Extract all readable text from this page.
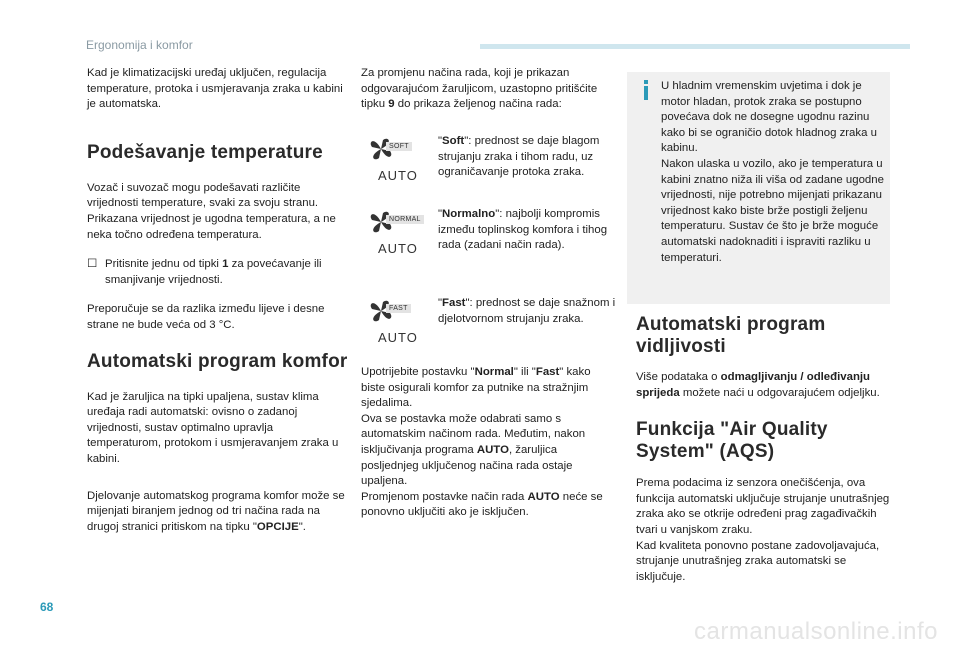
Ergonomija i komfor

Kad je klimatizacijski uređaj uključen, regulacija temperature, protoka i usmjeravanja zraka u kabini je automatska.

Podešavanje temperature

Vozač i suvozač mogu podešavati različite vrijednosti temperature, svaki za svoju stranu. Prikazana vrijednost je ugodna temperatura, a ne neka točno određena temperatura.

☐ Pritisnite jednu od tipki 1 za povećavanje ili smanjivanje vrijednosti.

Preporučuje se da razlika između lijeve i desne strane ne bude veća od 3 °C.

Automatski program komfor

Kad je žaruljica na tipki upaljena, sustav klima uređaja radi automatski: ovisno o zadanoj vrijednosti, sustav optimalno upravlja temperaturom, protokom i usmjeravanjem zraka u kabini.

Djelovanje automatskog programa komfor može se mijenjati biranjem jednog od tri načina rada na drugoj stranici pritiskom na tipku "OPCIJE".

Za promjenu načina rada, koji je prikazan odgovarajućom žaruljicom, uzastopno pritišćite tipku 9 do prikaza željenog načina rada:

SOFT
AUTO

"Soft": prednost se daje blagom strujanju zraka i tihom radu, uz ograničavanje protoka zraka.

NORMAL
AUTO

"Normalno": najbolji kompromis između toplinskog komfora i tihog rada (zadani način rada).

FAST
AUTO

"Fast": prednost se daje snažnom i djelotvornom strujanju zraka.

Upotrijebite postavku "Normal" ili "Fast" kako biste osigurali komfor za putnike na stražnjim sjedalima.

Ova se postavka može odabrati samo s automatskim načinom rada. Međutim, nakon isključivanja programa AUTO, žaruljica posljednjeg uključenog načina rada ostaje upaljena.

Promjenom postavke način rada AUTO neće se ponovno uključiti ako je isključen.

U hladnim vremenskim uvjetima i dok je motor hladan, protok zraka se postupno povećava dok ne dosegne ugodnu razinu kako bi se ograničio dotok hladnog zraka u kabinu.

Nakon ulaska u vozilo, ako je temperatura u kabini znatno niža ili viša od zadane ugodne vrijednosti, nije potrebno mijenjati prikazanu vrijednost kako biste brže postigli željenu temperaturu. Sustav će što je brže moguće automatski nadoknaditi i ispraviti razliku u temperaturi.

Automatski program vidljivosti

Više podataka o odmagljivanju / odleđivanju sprijeda možete naći u odgovarajućem odjeljku.

Funkcija "Air Quality System" (AQS)

Prema podacima iz senzora onečišćenja, ova funkcija automatski uključuje strujanje unutrašnjeg zraka ako se otkrije određeni prag zagađivačkih tvari u vanjskom zraku.

Kad kvaliteta ponovno postane zadovoljavajuća, strujanje unutrašnjeg zraka automatski se isključuje.

68
carmanualsonline.info
